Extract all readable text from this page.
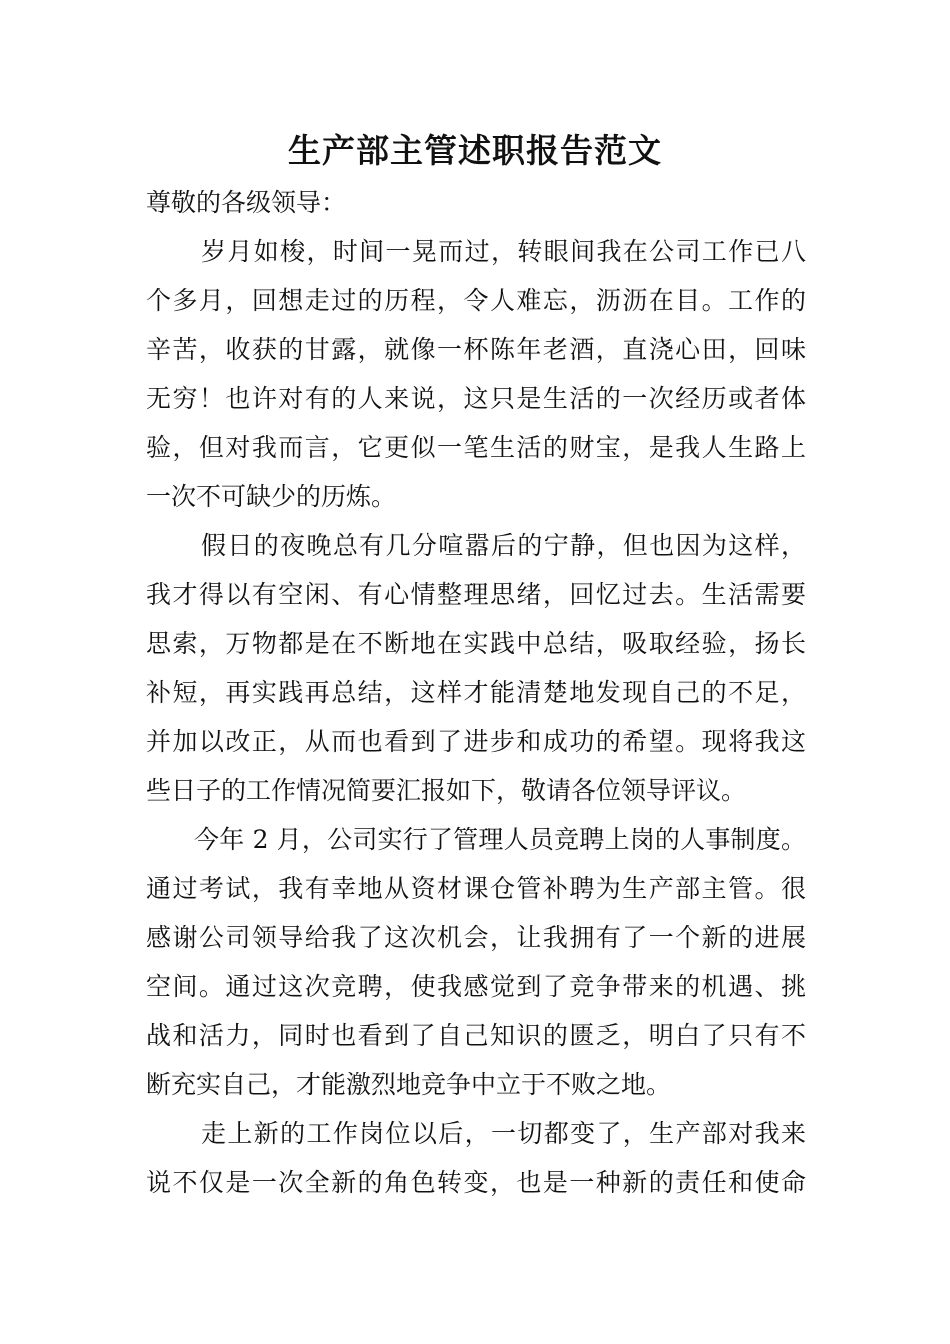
生产部主管述职报告范文

尊敬的各级领导：

岁月如梭，时间一晃而过，转眼间我在公司工作已八
个多月，回想走过的历程，令人难忘，沥沥在目。工作的
辛苦，收获的甘露，就像一杯陈年老酒，直浇心田，回味
无穷！也许对有的人来说，这只是生活的一次经历或者体
验，但对我而言，它更似一笔生活的财宝，是我人生路上
一次不可缺少的历炼。

假日的夜晚总有几分喧嚣后的宁静，但也因为这样，
我才得以有空闲、有心情整理思绪，回忆过去。生活需要
思索，万物都是在不断地在实践中总结，吸取经验，扬长
补短，再实践再总结，这样才能清楚地发现自己的不足，
并加以改正，从而也看到了进步和成功的希望。现将我这
些日子的工作情况简要汇报如下，敬请各位领导评议。

今年 2 月，公司实行了管理人员竞聘上岗的人事制度。
通过考试，我有幸地从资材课仓管补聘为生产部主管。很
感谢公司领导给我了这次机会，让我拥有了一个新的进展
空间。通过这次竞聘，使我感觉到了竞争带来的机遇、挑
战和活力，同时也看到了自己知识的匮乏，明白了只有不
断充实自己，才能激烈地竞争中立于不败之地。

走上新的工作岗位以后，一切都变了，生产部对我来
说不仅是一次全新的角色转变，也是一种新的责任和使命
